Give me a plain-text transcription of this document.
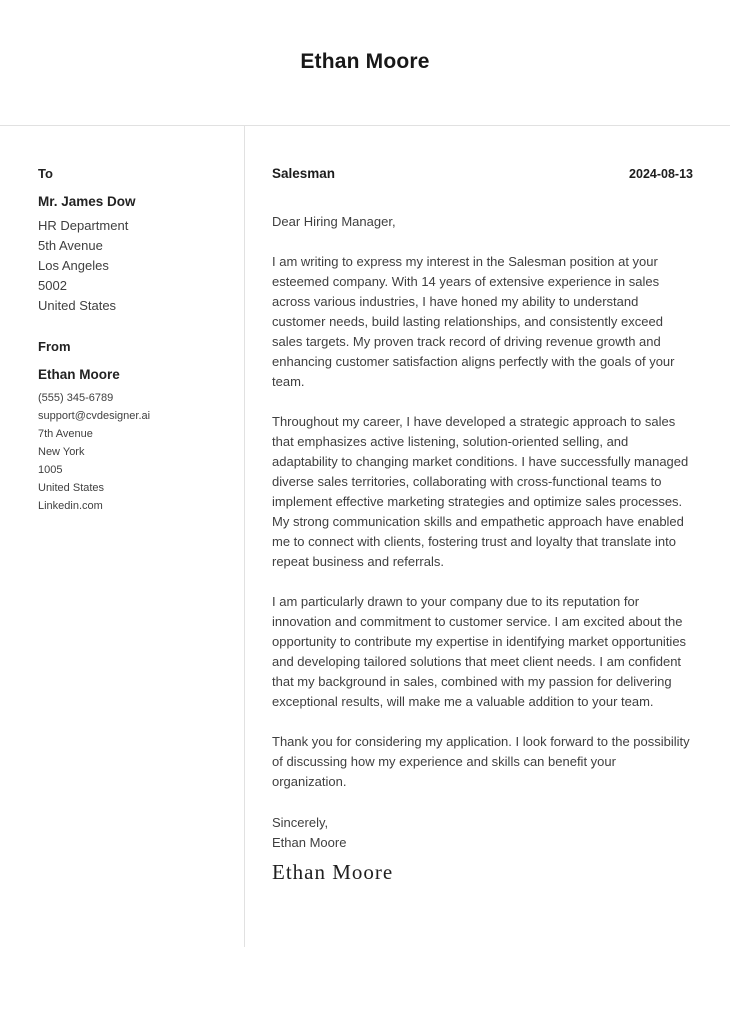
Ethan Moore
To
Mr. James Dow
HR Department
5th Avenue
Los Angeles
5002
United States
From
Ethan Moore
(555) 345-6789
support@cvdesigner.ai
7th Avenue
New York
1005
United States
Linkedin.com
Salesman	2024-08-13
Dear Hiring Manager,
I am writing to express my interest in the Salesman position at your esteemed company. With 14 years of extensive experience in sales across various industries, I have honed my ability to understand customer needs, build lasting relationships, and consistently exceed sales targets. My proven track record of driving revenue growth and enhancing customer satisfaction aligns perfectly with the goals of your team.
Throughout my career, I have developed a strategic approach to sales that emphasizes active listening, solution-oriented selling, and adaptability to changing market conditions. I have successfully managed diverse sales territories, collaborating with cross-functional teams to implement effective marketing strategies and optimize sales processes. My strong communication skills and empathetic approach have enabled me to connect with clients, fostering trust and loyalty that translate into repeat business and referrals.
I am particularly drawn to your company due to its reputation for innovation and commitment to customer service. I am excited about the opportunity to contribute my expertise in identifying market opportunities and developing tailored solutions that meet client needs. I am confident that my background in sales, combined with my passion for delivering exceptional results, will make me a valuable addition to your team.
Thank you for considering my application. I look forward to the possibility of discussing how my experience and skills can benefit your organization.
Sincerely,
Ethan Moore
Ethan Moore
